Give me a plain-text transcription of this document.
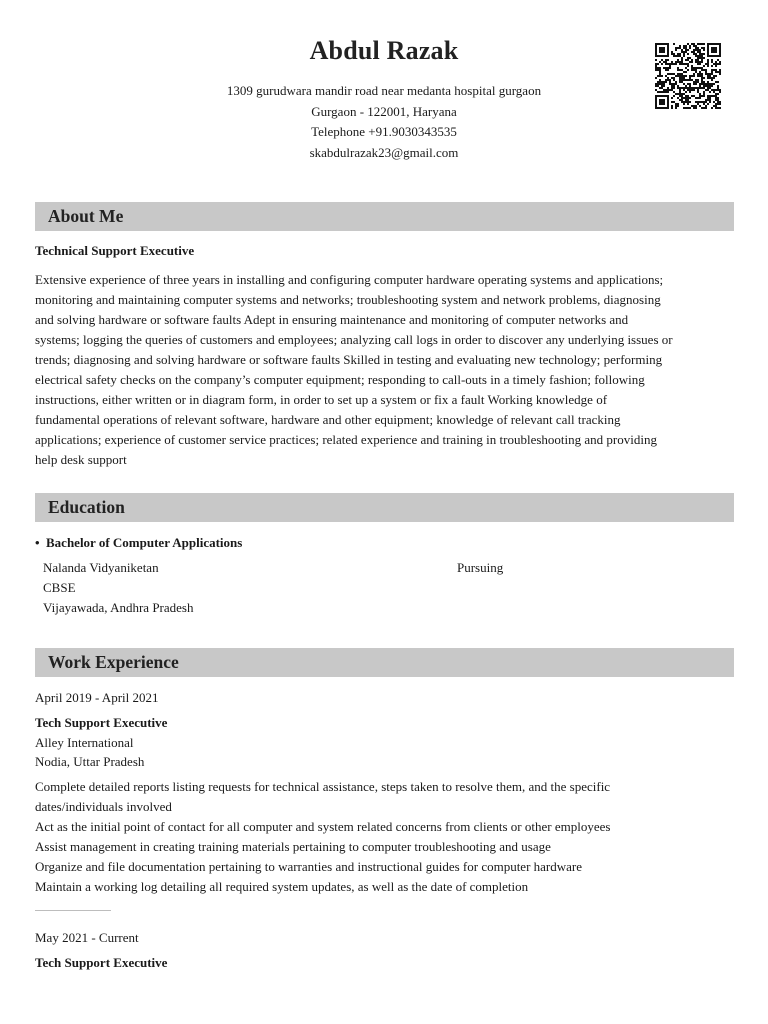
Abdul Razak
1309 gurudwara mandir road near medanta hospital gurgaon
Gurgaon - 122001, Haryana
Telephone +91.9030343535
skabdulrazak23@gmail.com
About Me
Technical Support Executive
Extensive experience of three years in installing and configuring computer hardware operating systems and applications;
monitoring and maintaining computer systems and networks; troubleshooting system and network problems, diagnosing
and solving hardware or software faults Adept in ensuring maintenance and monitoring of computer networks and
systems; logging the queries of customers and employees; analyzing call logs in order to discover any underlying issues or
trends; diagnosing and solving hardware or software faults Skilled in testing and evaluating new technology; performing
electrical safety checks on the company’s computer equipment; responding to call-outs in a timely fashion; following
instructions, either written or in diagram form, in order to set up a system or fix a fault Working knowledge of
fundamental operations of relevant software, hardware and other equipment; knowledge of relevant call tracking
applications; experience of customer service practices; related experience and training in troubleshooting and providing
help desk support
Education
• Bachelor of Computer Applications
Nalanda Vidyaniketan	Pursuing
CBSE
Vijayawada, Andhra Pradesh
Work Experience
April 2019 - April 2021
Tech Support Executive
Alley International
Nodia, Uttar Pradesh
Complete detailed reports listing requests for technical assistance, steps taken to resolve them, and the specific
dates/individuals involved
Act as the initial point of contact for all computer and system related concerns from clients or other employees
Assist management in creating training materials pertaining to computer troubleshooting and usage
Organize and file documentation pertaining to warranties and instructional guides for computer hardware
Maintain a working log detailing all required system updates, as well as the date of completion
May 2021 - Current
Tech Support Executive
